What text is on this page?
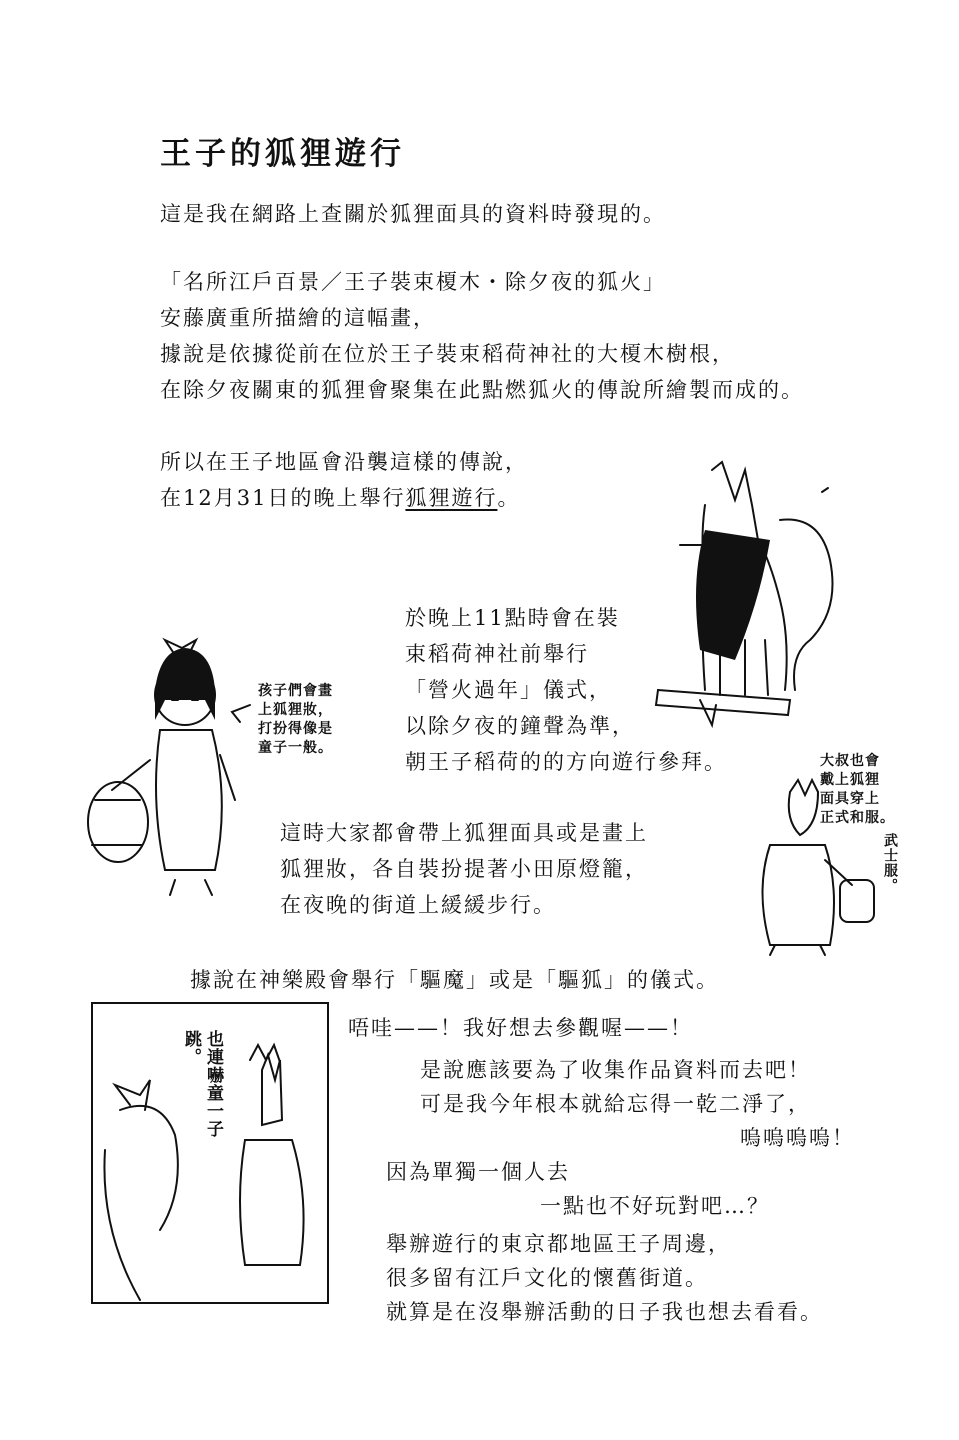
王子的狐狸遊行
這是我在網路上查關於狐狸面具的資料時發現的。
「名所江戶百景／王子裝束榎木・除夕夜的狐火」
安藤廣重所描繪的這幅畫，
據說是依據從前在位於王子裝束稻荷神社的大榎木樹根，
在除夕夜關東的狐狸會聚集在此點燃狐火的傳說所繪製而成的。
所以在王子地區會沿襲這樣的傳說，
在12月31日的晚上舉行狐狸遊行。
於晚上11點時會在裝
束稻荷神社前舉行
「營火過年」儀式，
以除夕夜的鐘聲為準，
朝王子稻荷的的方向遊行參拜。
孩子們會畫
上狐狸妝，
打扮得像是
童子一般。
大叔也會
戴上狐狸
面具穿上
正式和服。
武士服。
這時大家都會帶上狐狸面具或是畫上
狐狸妝，各自裝扮提著小田原燈籠，
在夜晚的街道上緩緩步行。
據說在神樂殿會舉行「驅魔」或是「驅狐」的儀式。
也連嚇童一子跳。
唔哇——！我好想去參觀喔——！
是說應該要為了收集作品資料而去吧！
可是我今年根本就給忘得一乾二淨了，
嗚嗚嗚嗚！
因為單獨一個人去
一點也不好玩對吧…？
舉辦遊行的東京都地區王子周邊，
很多留有江戶文化的懷舊街道。
就算是在沒舉辦活動的日子我也想去看看。
